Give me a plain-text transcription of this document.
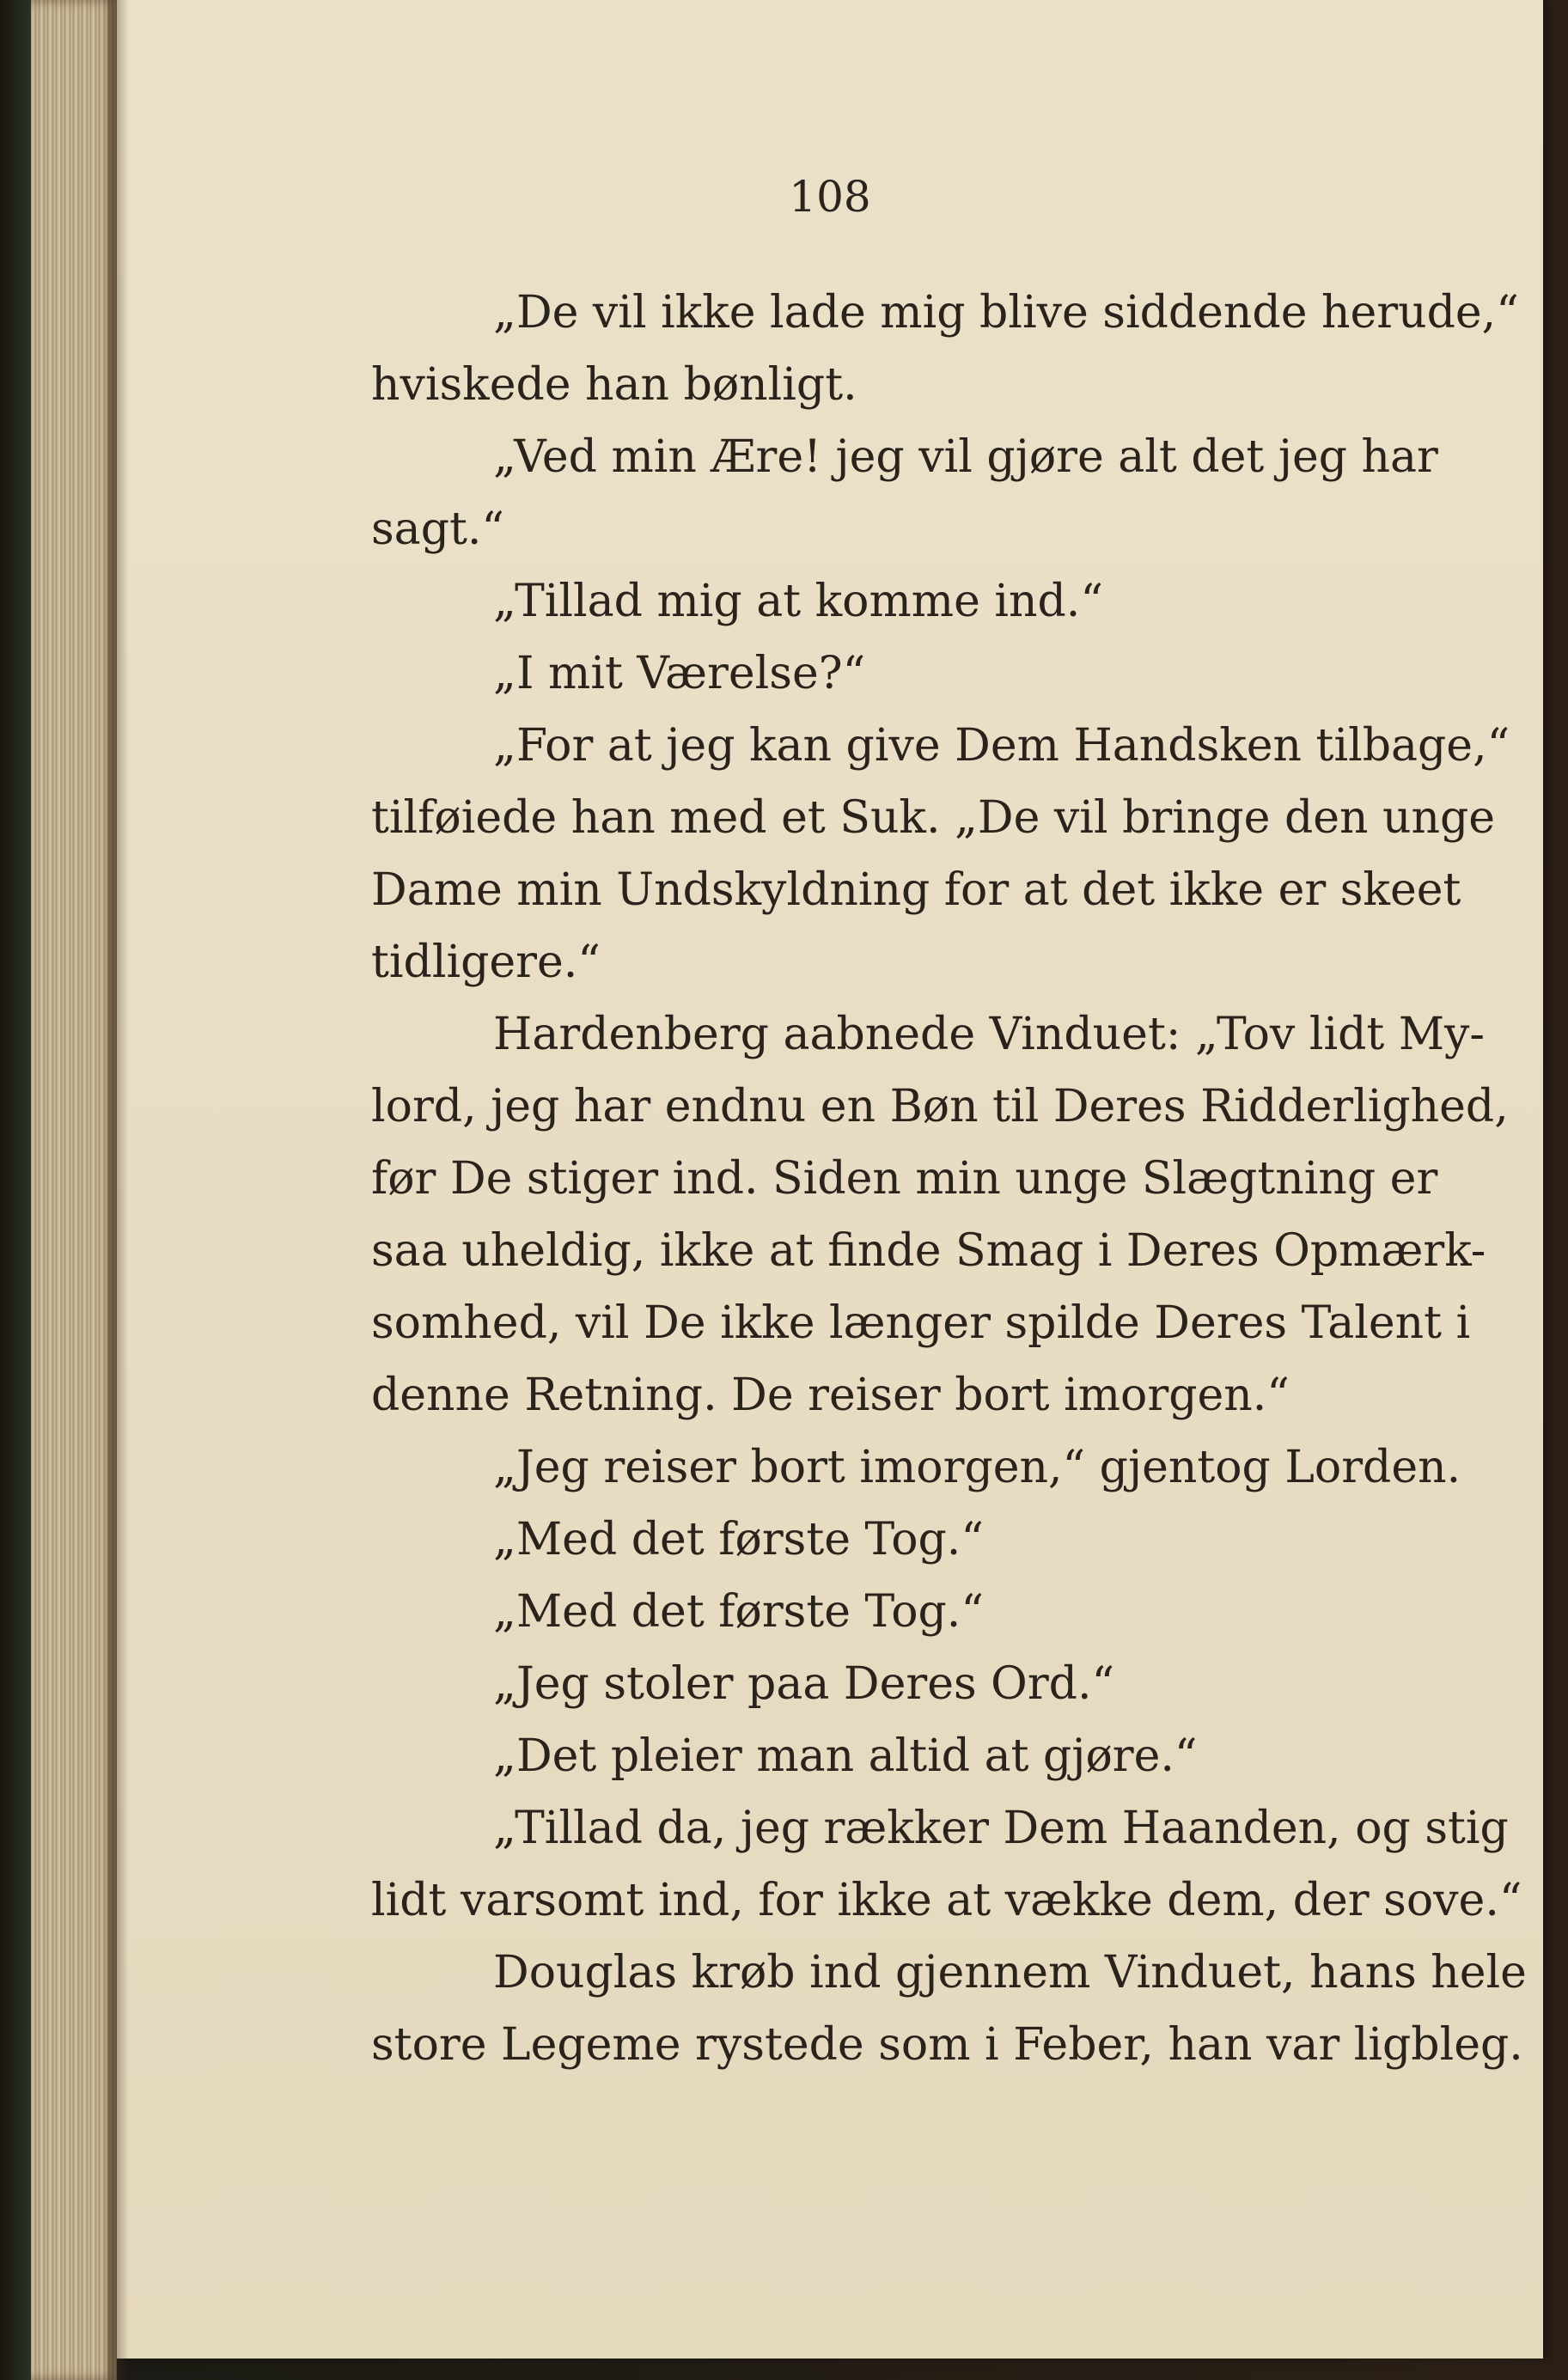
108
„De vil ikke lade mig blive siddende herude,“
hviskede han bønligt.
„Ved min Ære! jeg vil gjøre alt det jeg har
sagt.“
„Tillad mig at komme ind.“
„I mit Værelse?“
„For at jeg kan give Dem Handsken tilbage,“
tilføiede han med et Suk. „De vil bringe den unge
Dame min Undskyldning for at det ikke er skeet
tidligere.“
Hardenberg aabnede Vinduet: „Tov lidt My-
lord, jeg har endnu en Bøn til Deres Ridderlighed,
før De stiger ind. Siden min unge Slægtning er
saa uheldig, ikke at finde Smag i Deres Opmærk-
somhed, vil De ikke længer spilde Deres Talent i
denne Retning. De reiser bort imorgen.“
„Jeg reiser bort imorgen,“ gjentog Lorden.
„Med det første Tog.“
„Med det første Tog.“
„Jeg stoler paa Deres Ord.“
„Det pleier man altid at gjøre.“
„Tillad da, jeg rækker Dem Haanden, og stig
lidt varsomt ind, for ikke at vække dem, der sove.“
Douglas krøb ind gjennem Vinduet, hans hele
store Legeme rystede som i Feber, han var ligbleg.
